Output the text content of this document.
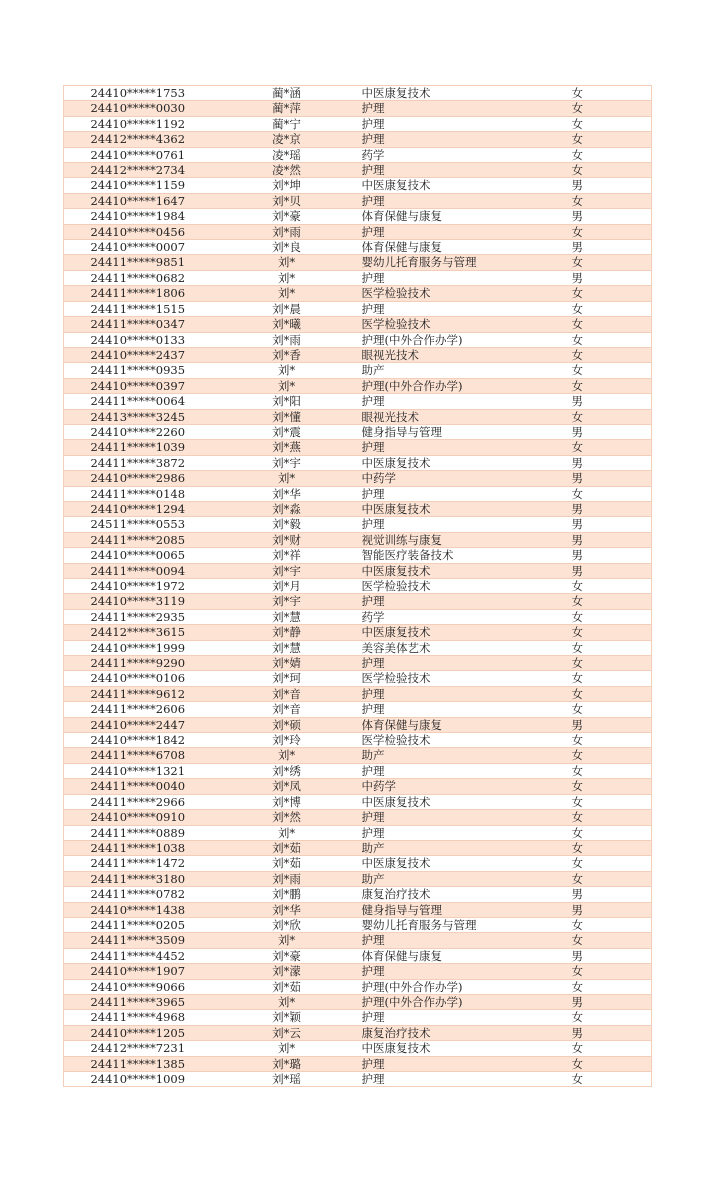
24410*****1753	蔺*涵	中医康复技术	女
24410*****0030	蔺*萍	护理	女
24410*****1192	蔺*宁	护理	女
24412*****4362	凌*京	护理	女
24410*****0761	凌*瑶	药学	女
24412*****2734	凌*然	护理	女
24410*****1159	刘*坤	中医康复技术	男
24410*****1647	刘*贝	护理	女
24410*****1984	刘*豪	体育保健与康复	男
24410*****0456	刘*雨	护理	女
24410*****0007	刘*良	体育保健与康复	男
24411*****9851	刘*	婴幼儿托育服务与管理	女
24411*****0682	刘*	护理	男
24411*****1806	刘*	医学检验技术	女
24411*****1515	刘*晨	护理	女
24411*****0347	刘*曦	医学检验技术	女
24410*****0133	刘*雨	护理(中外合作办学)	女
24410*****2437	刘*香	眼视光技术	女
24411*****0935	刘*	助产	女
24410*****0397	刘*	护理(中外合作办学)	女
24411*****0064	刘*阳	护理	男
24413*****3245	刘*懂	眼视光技术	女
24410*****2260	刘*震	健身指导与管理	男
24411*****1039	刘*燕	护理	女
24411*****3872	刘*宇	中医康复技术	男
24410*****2986	刘*	中药学	男
24411*****0148	刘*华	护理	女
24410*****1294	刘*淼	中医康复技术	男
24511*****0553	刘*毅	护理	男
24411*****2085	刘*财	视觉训练与康复	男
24410*****0065	刘*祥	智能医疗装备技术	男
24411*****0094	刘*宇	中医康复技术	男
24410*****1972	刘*月	医学检验技术	女
24410*****3119	刘*宇	护理	女
24411*****2935	刘*慧	药学	女
24412*****3615	刘*静	中医康复技术	女
24410*****1999	刘*慧	美容美体艺术	女
24411*****9290	刘*婧	护理	女
24410*****0106	刘*珂	医学检验技术	女
24411*****9612	刘*音	护理	女
24411*****2606	刘*音	护理	女
24410*****2447	刘*硕	体育保健与康复	男
24410*****1842	刘*玲	医学检验技术	女
24411*****6708	刘*	助产	女
24410*****1321	刘*绣	护理	女
24411*****0040	刘*凤	中药学	女
24411*****2966	刘*博	中医康复技术	女
24410*****0910	刘*然	护理	女
24411*****0889	刘*	护理	女
24411*****1038	刘*茹	助产	女
24411*****1472	刘*茹	中医康复技术	女
24411*****3180	刘*雨	助产	女
24411*****0782	刘*鹏	康复治疗技术	男
24410*****1438	刘*华	健身指导与管理	男
24411*****0205	刘*欣	婴幼儿托育服务与管理	女
24411*****3509	刘*	护理	女
24411*****4452	刘*豪	体育保健与康复	男
24410*****1907	刘*濛	护理	女
24410*****9066	刘*茹	护理(中外合作办学)	女
24411*****3965	刘*	护理(中外合作办学)	男
24411*****4968	刘*颖	护理	女
24410*****1205	刘*云	康复治疗技术	男
24412*****7231	刘*	中医康复技术	女
24411*****1385	刘*璐	护理	女
24410*****1009	刘*瑶	护理	女
